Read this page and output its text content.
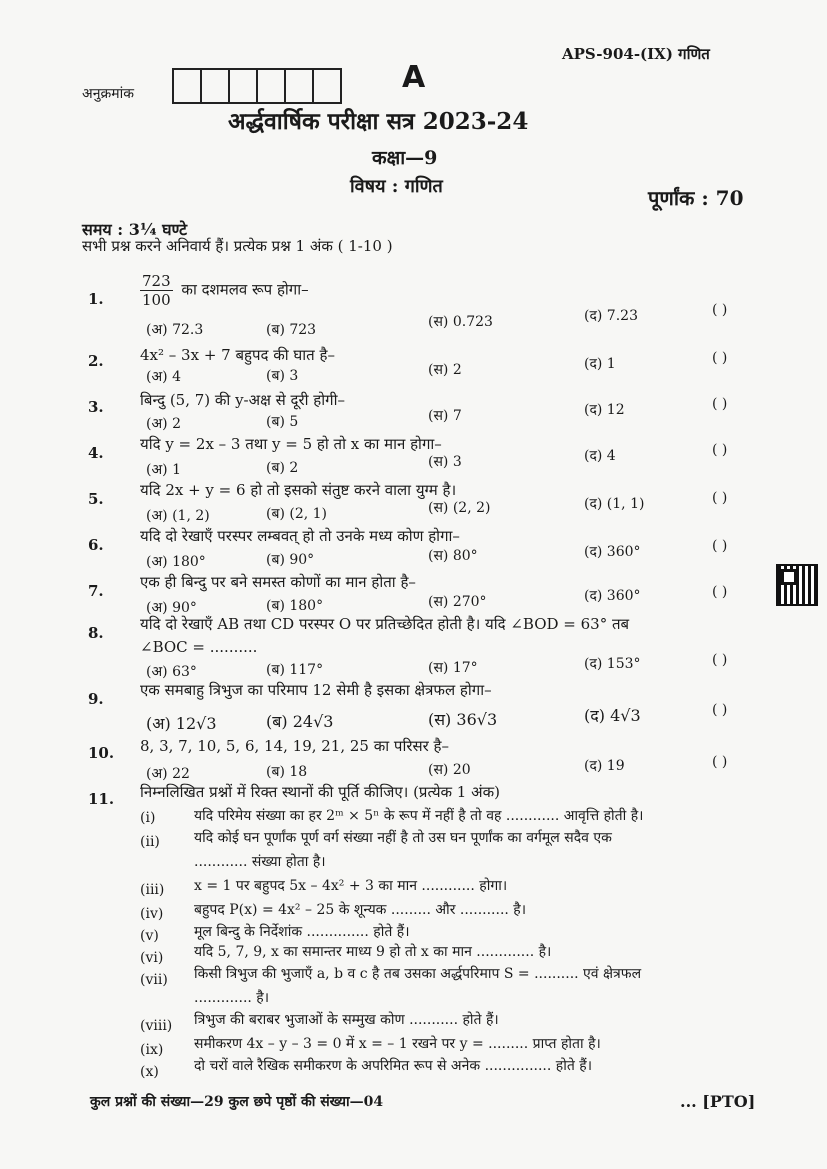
अनुक्रमांक	A
APS-904-(IX) गणित
अर्द्धवार्षिक परीक्षा सत्र 2023-24
कक्षा—9
विषय : गणित	पूर्णांक : 70
समय : 3¼ घण्टे
सभी प्रश्न करने अनिवार्य हैं। प्रत्येक प्रश्न 1 अंक ( 1-10 )
1. $\frac{723}{100}$ का दशमलव रूप होगा–
(अ) 72.3	(ब) 723	(स) 0.723	(द) 7.23	( )
2. 4x² – 3x + 7 बहुपद की घात है–
(अ) 4	(ब) 3	(स) 2	(द) 1	( )
3. बिन्दु (5, 7) की y-अक्ष से दूरी होगी–
(अ) 2	(ब) 5	(स) 7	(द) 12	( )
4. यदि y = 2x – 3 तथा y = 5 हो तो x का मान होगा–
(अ) 1	(ब) 2	(स) 3	(द) 4	( )
5. यदि 2x + y = 6 हो तो इसको संतुष्ट करने वाला युग्म है।
(अ) (1, 2)	(ब) (2, 1)	(स) (2, 2)	(द) (1, 1)	( )
6. यदि दो रेखाएँ परस्पर लम्बवत् हो तो उनके मध्य कोण होगा–
(अ) 180°	(ब) 90°	(स) 80°	(द) 360°	( )
7. एक ही बिन्दु पर बने समस्त कोणों का मान होता है–
(अ) 90°	(ब) 180°	(स) 270°	(द) 360°	( )
8. यदि दो रेखाएँ AB तथा CD परस्पर O पर प्रतिच्छेदित होती है। यदि ∠BOD = 63° तब
∠BOC = ..........
(अ) 63°	(ब) 117°	(स) 17°	(द) 153°	( )
9. एक समबाहु त्रिभुज का परिमाप 12 सेमी है इसका क्षेत्रफल होगा–
(अ) 12√3	(ब) 24√3	(स) 36√3	(द) 4√3	( )
10. 8, 3, 7, 10, 5, 6, 14, 19, 21, 25 का परिसर है–
(अ) 22	(ब) 18	(स) 20	(द) 19	( )
11. निम्नलिखित प्रश्नों में रिक्त स्थानों की पूर्ति कीजिए। (प्रत्येक 1 अंक)
(i)	यदि परिमेय संख्या का हर 2ᵐ × 5ⁿ के रूप में नहीं है तो वह ............ आवृत्ति होती है।
(ii) यदि कोई घन पूर्णांक पूर्ण वर्ग संख्या नहीं है तो उस घन पूर्णांक का वर्गमूल सदैव एक
............ संख्या होता है।
(iii) x = 1 पर बहुपद 5x – 4x² + 3 का मान ............ होगा।
(iv) बहुपद P(x) = 4x² – 25 के शून्यक ......... और ........... है।
(v)	मूल बिन्दु के निर्देशांक .............. होते हैं।
(vi) यदि 5, 7, 9, x का समान्तर माध्य 9 हो तो x का मान ............. है।
(vii) किसी त्रिभुज की भुजाएँ a, b व c है तब उसका अर्द्धपरिमाप S = .......... एवं क्षेत्रफल
............. है।
(viii) त्रिभुज की बराबर भुजाओं के सम्मुख कोण ........... होते हैं।
(ix) समीकरण 4x – y – 3 = 0 में x = – 1 रखने पर y = ......... प्राप्त होता है।
(x)	दो चरों वाले रैखिक समीकरण के अपरिमित रूप से अनेक ............... होते हैं।
कुल प्रश्नों की संख्या—29 कुल छपे पृष्ठों की संख्या—04	... [PTO]
